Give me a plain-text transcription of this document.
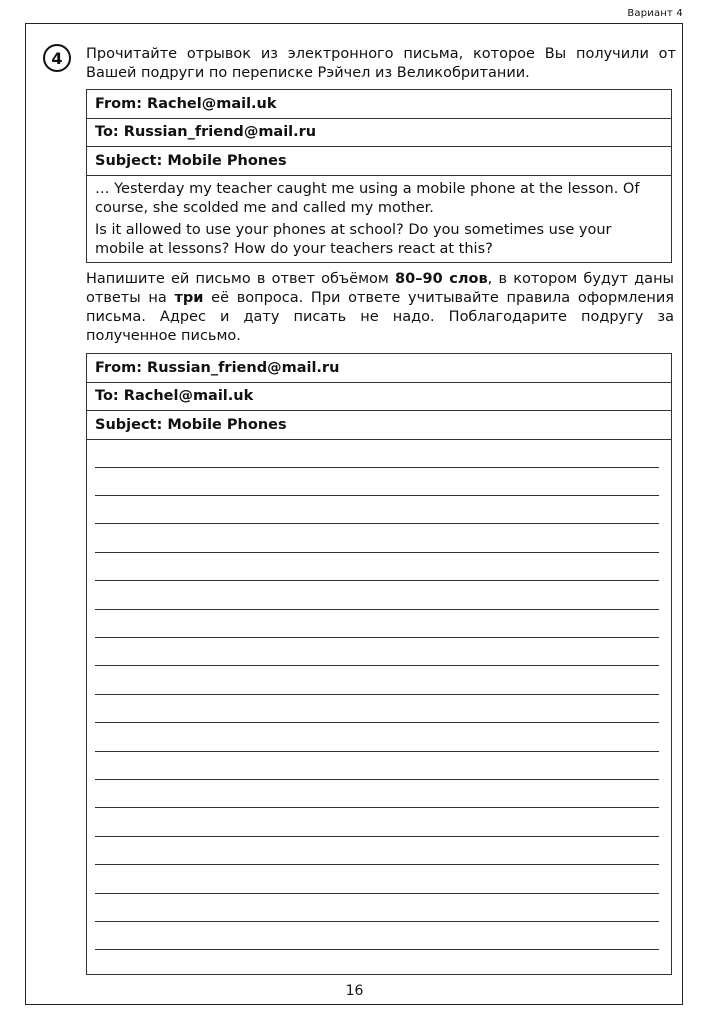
Вариант 4
4	Прочитайте отрывок из электронного письма, которое Вы получили от Вашей подруги по переписке Рэйчел из Великобритании.

From: Rachel@mail.uk
To: Russian_friend@mail.ru
Subject: Mobile Phones

… Yesterday my teacher caught me using a mobile phone at the lesson. Of course, she scolded me and called my mother.

Is it allowed to use your phones at school? Do you sometimes use your mobile at lessons? How do your teachers react at this?

Напишите ей письмо в ответ объёмом 80–90 слов, в котором будут даны ответы на три её вопроса. При ответе учитывайте правила оформления письма. Адрес и дату писать не надо. Поблагодарите подругу за полученное письмо.

From: Russian_friend@mail.ru
To: Rachel@mail.uk
Subject: Mobile Phones
16
